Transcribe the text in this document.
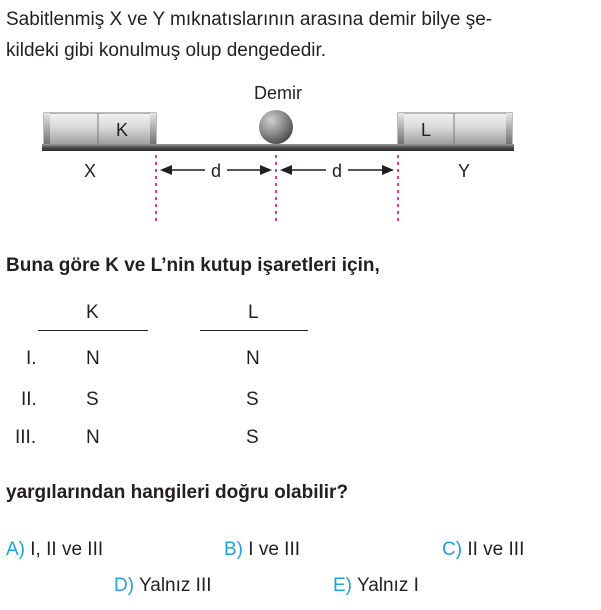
Sabitlenmiş X ve Y mıknatıslarının arasına demir bilye şe-
kildeki gibi konulmuş olup dengededir.
Demir
K	L
X	Y
d	d
Buna göre K ve L’nin kutup işaretleri için,
K	L
I.	N	N
II.	S	S
III.	N	S
yargılarından hangileri doğru olabilir?
A) I, II ve III	B) I ve III	C) II ve III
D) Yalnız III	E) Yalnız I
